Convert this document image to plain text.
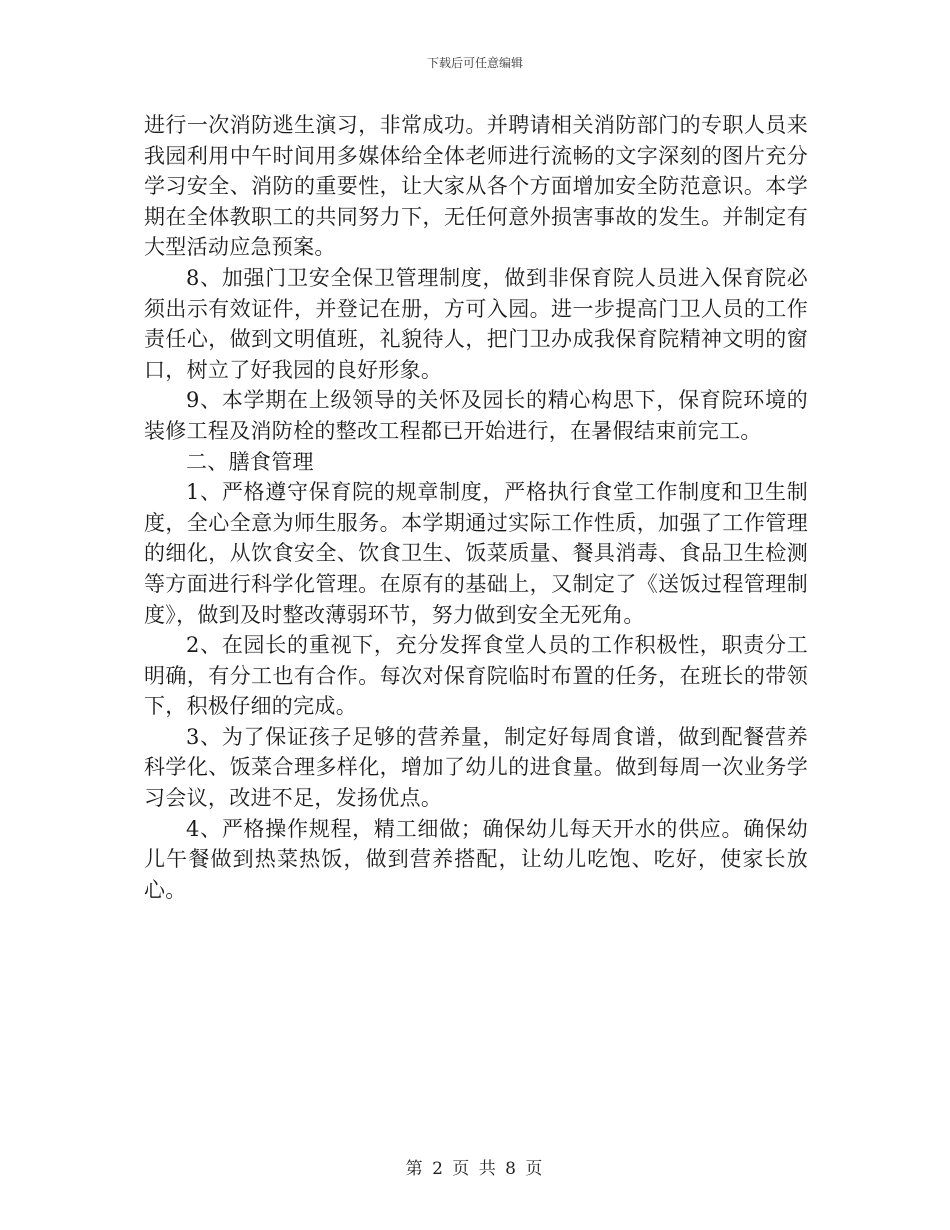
下载后可任意编辑

进行一次消防逃生演习，非常成功。并聘请相关消防部门的专职人员来我园利用中午时间用多媒体给全体老师进行流畅的文字深刻的图片充分学习安全、消防的重要性，让大家从各个方面增加安全防范意识。本学期在全体教职工的共同努力下，无任何意外损害事故的发生。并制定有大型活动应急预案。

8、加强门卫安全保卫管理制度，做到非保育院人员进入保育院必须出示有效证件，并登记在册，方可入园。进一步提高门卫人员的工作责任心，做到文明值班，礼貌待人，把门卫办成我保育院精神文明的窗口，树立了好我园的良好形象。

9、本学期在上级领导的关怀及园长的精心构思下，保育院环境的装修工程及消防栓的整改工程都已开始进行，在暑假结束前完工。

二、膳食管理

1、严格遵守保育院的规章制度，严格执行食堂工作制度和卫生制度，全心全意为师生服务。本学期通过实际工作性质，加强了工作管理的细化，从饮食安全、饮食卫生、饭菜质量、餐具消毒、食品卫生检测等方面进行科学化管理。在原有的基础上，又制定了《送饭过程管理制度》，做到及时整改薄弱环节，努力做到安全无死角。

2、在园长的重视下，充分发挥食堂人员的工作积极性，职责分工明确，有分工也有合作。每次对保育院临时布置的任务，在班长的带领下，积极仔细的完成。

3、为了保证孩子足够的营养量，制定好每周食谱，做到配餐营养科学化、饭菜合理多样化，增加了幼儿的进食量。做到每周一次业务学习会议，改进不足，发扬优点。

4、严格操作规程，精工细做；确保幼儿每天开水的供应。确保幼儿午餐做到热菜热饭，做到营养搭配，让幼儿吃饱、吃好，使家长放心。

第 2 页 共 8 页
